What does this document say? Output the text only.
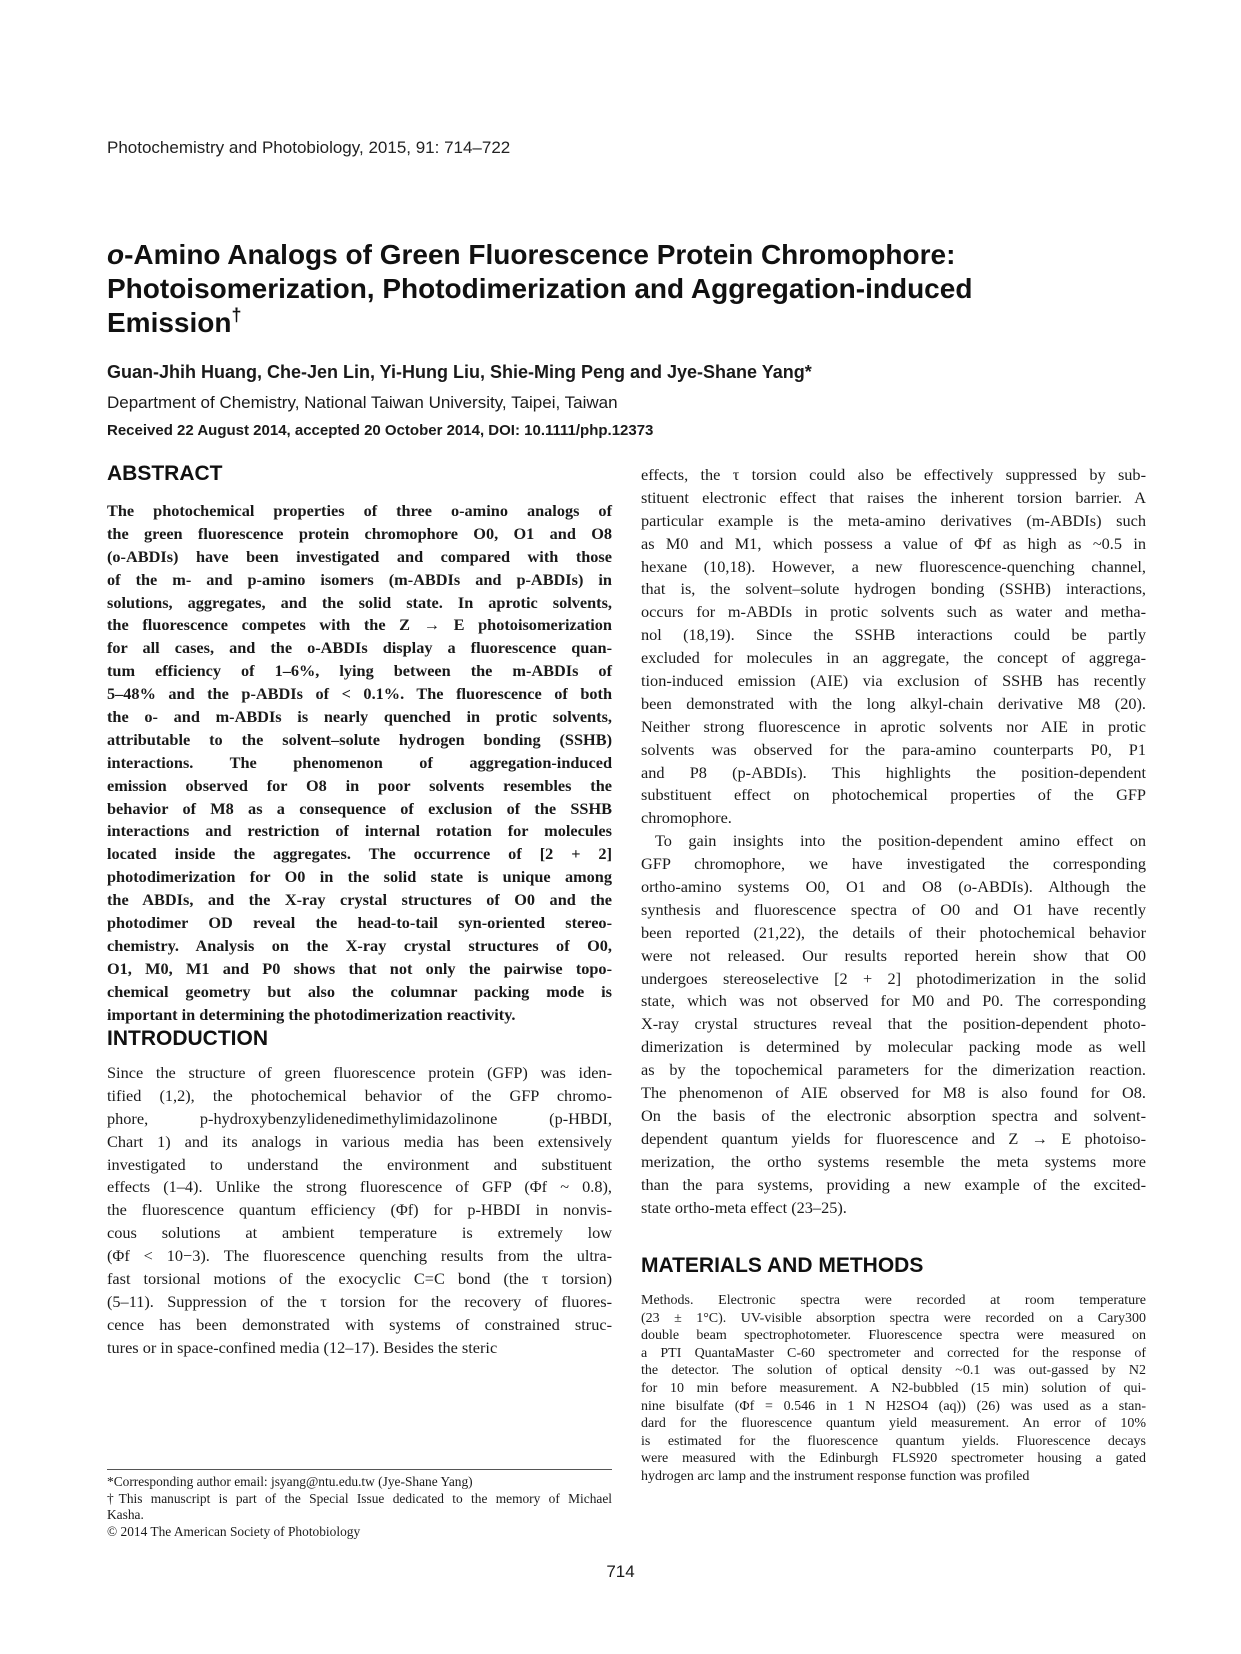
Photochemistry and Photobiology, 2015, 91: 714–722
o-Amino Analogs of Green Fluorescence Protein Chromophore:
Photoisomerization, Photodimerization and Aggregation-induced
Emission†
Guan-Jhih Huang, Che-Jen Lin, Yi-Hung Liu, Shie-Ming Peng and Jye-Shane Yang*
Department of Chemistry, National Taiwan University, Taipei, Taiwan
Received 22 August 2014, accepted 20 October 2014, DOI: 10.1111/php.12373
ABSTRACT
The photochemical properties of three o-amino analogs of
the green fluorescence protein chromophore O0, O1 and O8
(o-ABDIs) have been investigated and compared with those
of the m- and p-amino isomers (m-ABDIs and p-ABDIs) in
solutions, aggregates, and the solid state. In aprotic solvents,
the fluorescence competes with the Z → E photoisomerization
for all cases, and the o-ABDIs display a fluorescence quan-
tum efficiency of 1–6%, lying between the m-ABDIs of
5–48% and the p-ABDIs of < 0.1%. The fluorescence of both
the o- and m-ABDIs is nearly quenched in protic solvents,
attributable to the solvent–solute hydrogen bonding (SSHB)
interactions. The phenomenon of aggregation-induced
emission observed for O8 in poor solvents resembles the
behavior of M8 as a consequence of exclusion of the SSHB
interactions and restriction of internal rotation for molecules
located inside the aggregates. The occurrence of [2 + 2]
photodimerization for O0 in the solid state is unique among
the ABDIs, and the X-ray crystal structures of O0 and the
photodimer OD reveal the head-to-tail syn-oriented stereo-
chemistry. Analysis on the X-ray crystal structures of O0,
O1, M0, M1 and P0 shows that not only the pairwise topo-
chemical geometry but also the columnar packing mode is
important in determining the photodimerization reactivity.
INTRODUCTION
Since the structure of green fluorescence protein (GFP) was iden-
tified (1,2), the photochemical behavior of the GFP chromo-
phore, p-hydroxybenzylidenedimethylimidazolinone (p-HBDI,
Chart 1) and its analogs in various media has been extensively
investigated to understand the environment and substituent
effects (1–4). Unlike the strong fluorescence of GFP (Φf ~ 0.8),
the fluorescence quantum efficiency (Φf) for p-HBDI in nonvis-
cous solutions at ambient temperature is extremely low
(Φf < 10−3). The fluorescence quenching results from the ultra-
fast torsional motions of the exocyclic C=C bond (the τ torsion)
(5–11). Suppression of the τ torsion for the recovery of fluores-
cence has been demonstrated with systems of constrained struc-
tures or in space-confined media (12–17). Besides the steric
*Corresponding author email: jsyang@ntu.edu.tw (Jye-Shane Yang)
†This manuscript is part of the Special Issue dedicated to the memory of Michael
Kasha.
© 2014 The American Society of Photobiology
effects, the τ torsion could also be effectively suppressed by sub-
stituent electronic effect that raises the inherent torsion barrier. A
particular example is the meta-amino derivatives (m-ABDIs) such
as M0 and M1, which possess a value of Φf as high as ~0.5 in
hexane (10,18). However, a new fluorescence-quenching channel,
that is, the solvent–solute hydrogen bonding (SSHB) interactions,
occurs for m-ABDIs in protic solvents such as water and metha-
nol (18,19). Since the SSHB interactions could be partly
excluded for molecules in an aggregate, the concept of aggrega-
tion-induced emission (AIE) via exclusion of SSHB has recently
been demonstrated with the long alkyl-chain derivative M8 (20).
Neither strong fluorescence in aprotic solvents nor AIE in protic
solvents was observed for the para-amino counterparts P0, P1
and P8 (p-ABDIs). This highlights the position-dependent
substituent effect on photochemical properties of the GFP
chromophore.
To gain insights into the position-dependent amino effect on
GFP chromophore, we have investigated the corresponding
ortho-amino systems O0, O1 and O8 (o-ABDIs). Although the
synthesis and fluorescence spectra of O0 and O1 have recently
been reported (21,22), the details of their photochemical behavior
were not released. Our results reported herein show that O0
undergoes stereoselective [2 + 2] photodimerization in the solid
state, which was not observed for M0 and P0. The corresponding
X-ray crystal structures reveal that the position-dependent photo-
dimerization is determined by molecular packing mode as well
as by the topochemical parameters for the dimerization reaction.
The phenomenon of AIE observed for M8 is also found for O8.
On the basis of the electronic absorption spectra and solvent-
dependent quantum yields for fluorescence and Z → E photoiso-
merization, the ortho systems resemble the meta systems more
than the para systems, providing a new example of the excited-
state ortho-meta effect (23–25).
MATERIALS AND METHODS
Methods. Electronic spectra were recorded at room temperature
(23 ± 1°C). UV-visible absorption spectra were recorded on a Cary300
double beam spectrophotometer. Fluorescence spectra were measured on
a PTI QuantaMaster C-60 spectrometer and corrected for the response of
the detector. The solution of optical density ~0.1 was out-gassed by N2
for 10 min before measurement. A N2-bubbled (15 min) solution of qui-
nine bisulfate (Φf = 0.546 in 1 N H2SO4 (aq)) (26) was used as a stan-
dard for the fluorescence quantum yield measurement. An error of 10%
is estimated for the fluorescence quantum yields. Fluorescence decays
were measured with the Edinburgh FLS920 spectrometer housing a gated
hydrogen arc lamp and the instrument response function was profiled
714
